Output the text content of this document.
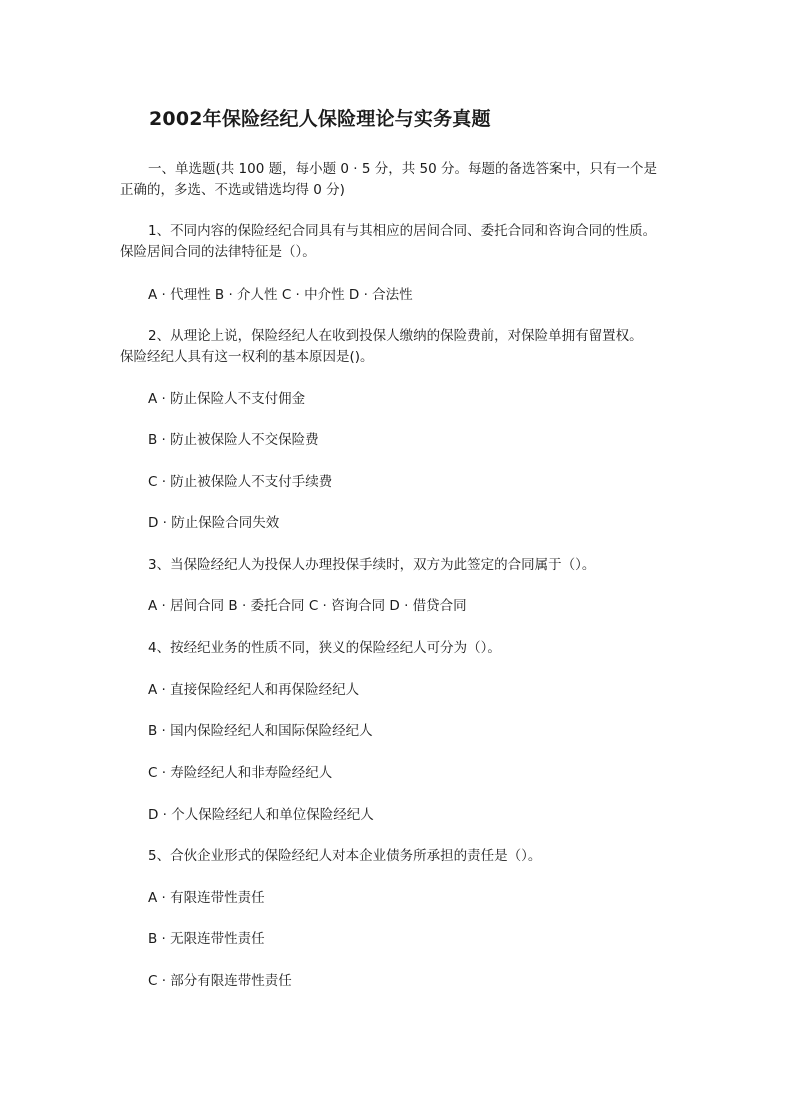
2002年保险经纪人保险理论与实务真题
一、单选题(共 100 题，每小题 0 · 5 分，共 50 分。每题的备选答案中，只有一个是
正确的，多选、不选或错选均得 0 分)
1、不同内容的保险经纪合同具有与其相应的居间合同、委托合同和咨询合同的性质。
保险居间合同的法律特征是（）。
A · 代理性 B · 介人性 C · 中介性 D · 合法性
2、从理论上说，保险经纪人在收到投保人缴纳的保险费前，对保险单拥有留置权。
保险经纪人具有这一权利的基本原因是()。
A · 防止保险人不支付佣金
B · 防止被保险人不交保险费
C · 防止被保险人不支付手续费
D · 防止保险合同失效
3、当保险经纪人为投保人办理投保手续时，双方为此签定的合同属于（）。
A · 居间合同 B · 委托合同 C · 咨询合同 D · 借贷合同
4、按经纪业务的性质不同，狭义的保险经纪人可分为（）。
A · 直接保险经纪人和再保险经纪人
B · 国内保险经纪人和国际保险经纪人
C · 寿险经纪人和非寿险经纪人
D · 个人保险经纪人和单位保险经纪人
5、合伙企业形式的保险经纪人对本企业债务所承担的责任是（）。
A · 有限连带性责任
B · 无限连带性责任
C · 部分有限连带性责任
